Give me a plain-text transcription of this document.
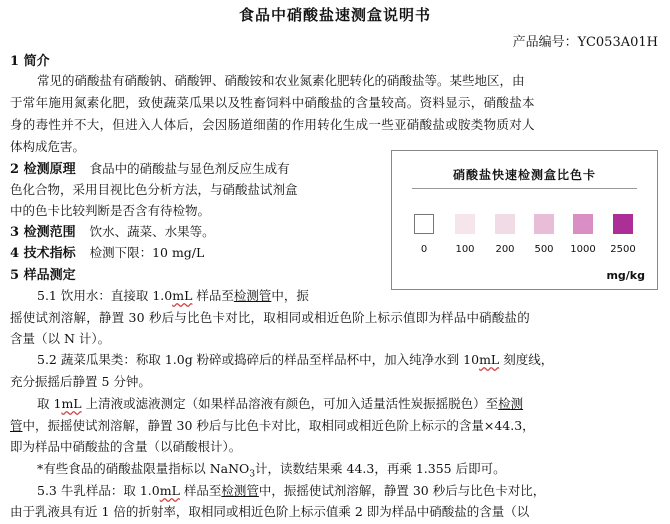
食品中硝酸盐速测盒说明书
产品编号：YC053A01H
1 简介
常见的硝酸盐有硝酸钠、硝酸钾、硝酸铵和农业氮素化肥转化的硝酸盐等。某些地区，由
于常年施用氮素化肥，致使蔬菜瓜果以及牲畜饲料中硝酸盐的含量较高。资料显示，硝酸盐本
身的毒性并不大，但进入人体后，会因肠道细菌的作用转化生成一些亚硝酸盐或胺类物质对人
体构成危害。
2 检测原理 食品中的硝酸盐与显色剂反应生成有
色化合物，采用目视比色分析方法，与硝酸盐试剂盒
中的色卡比较判断是否含有待检物。
3 检测范围 饮水、蔬菜、水果等。
4 技术指标 检测下限：10 mg/L
5 样品测定
5.1 饮用水：直接取 1.0mL 样品至检测管中，振
摇使试剂溶解，静置 30 秒后与比色卡对比，取相同或相近色阶上标示值即为样品中硝酸盐的
含量（以 N 计）。
5.2 蔬菜瓜果类：称取 1.0g 粉碎或捣碎后的样品至样品杯中，加入纯净水到 10mL 刻度线，
充分振摇后静置 5 分钟。
取 1mL 上清液或滤液测定（如果样品溶液有颜色，可加入适量活性炭振摇脱色）至检测
管中，振摇使试剂溶解，静置 30 秒后与比色卡对比，取相同或相近色阶上标示的含量×44.3，
即为样品中硝酸盐的含量（以硝酸根计）。
*有些食品的硝酸盐限量指标以 NaNO$_3$计，读数结果乘 44.3，再乘 1.355 后即可。
5.3 牛乳样品：取 1.0mL 样品至检测管中，振摇使试剂溶解，静置 30 秒后与比色卡对比，
由于乳液具有近 1 倍的折射率，取相同或相近色阶上标示值乘 2 即为样品中硝酸盐的含量（以
硝酸盐快速检测盒比色卡
0	100	200	500	1000	2500
mg/kg
